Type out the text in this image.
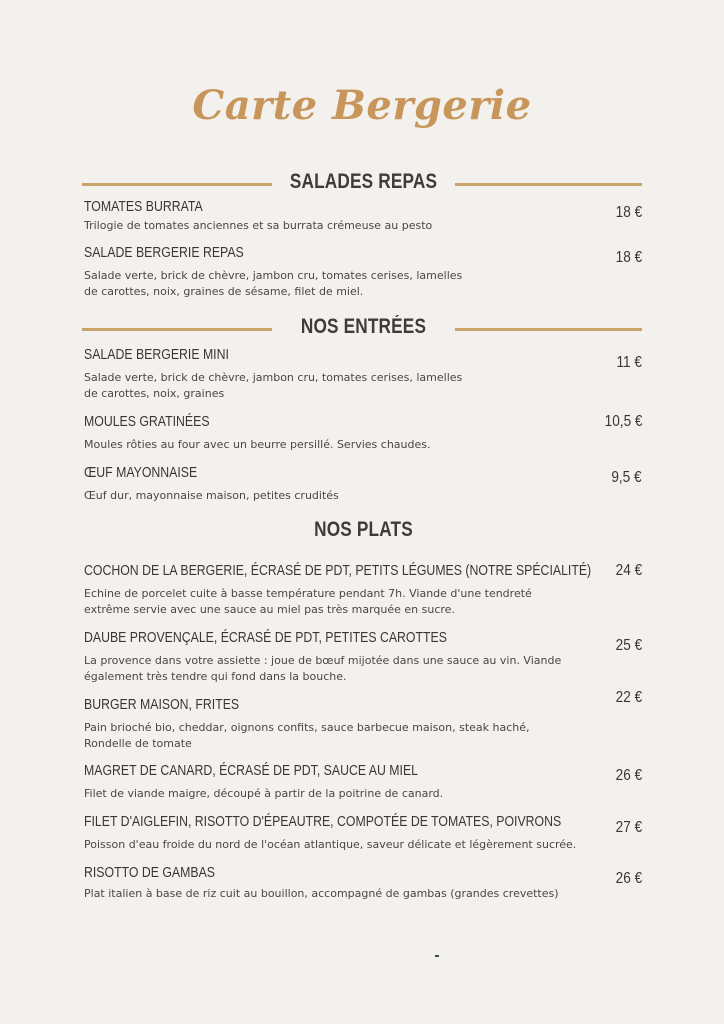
Carte Bergerie
SALADES REPAS
TOMATES BURRATA	18 €
Trilogie de tomates anciennes et sa burrata crémeuse au pesto
SALADE BERGERIE REPAS	18 €
Salade verte, brick de chèvre, jambon cru, tomates cerises, lamelles
de carottes, noix, graines de sésame, filet de miel.
NOS ENTRÉES
SALADE BERGERIE MINI	11 €
Salade verte, brick de chèvre, jambon cru, tomates cerises, lamelles
de carottes, noix, graines
MOULES GRATINÉES	10,5 €
Moules rôties au four avec un beurre persillé. Servies chaudes.
ŒUF MAYONNAISE	9,5 €
Œuf dur, mayonnaise maison, petites crudités
NOS PLATS
COCHON DE LA BERGERIE, ÉCRASÉ DE PDT, PETITS LÉGUMES (NOTRE SPÉCIALITÉ) 24 €
Echine de porcelet cuite à basse température pendant 7h. Viande d'une tendreté
extrême servie avec une sauce au miel pas très marquée en sucre.
DAUBE PROVENÇALE, ÉCRASÉ DE PDT, PETITES CAROTTES	25 €
La provence dans votre assiette : joue de bœuf mijotée dans une sauce au vin. Viande
également très tendre qui fond dans la bouche.
BURGER MAISON, FRITES	22 €
Pain brioché bio, cheddar, oignons confits, sauce barbecue maison, steak haché,
Rondelle de tomate
MAGRET DE CANARD, ÉCRASÉ DE PDT, SAUCE AU MIEL	26 €
Filet de viande maigre, découpé à partir de la poitrine de canard.
FILET D'AIGLEFIN, RISOTTO D'ÉPEAUTRE, COMPOTÉE DE TOMATES, POIVRONS	27 €
Poisson d'eau froide du nord de l'océan atlantique, saveur délicate et légèrement sucrée.
RISOTTO DE GAMBAS	26 €
Plat italien à base de riz cuit au bouillon, accompagné de gambas (grandes crevettes)
